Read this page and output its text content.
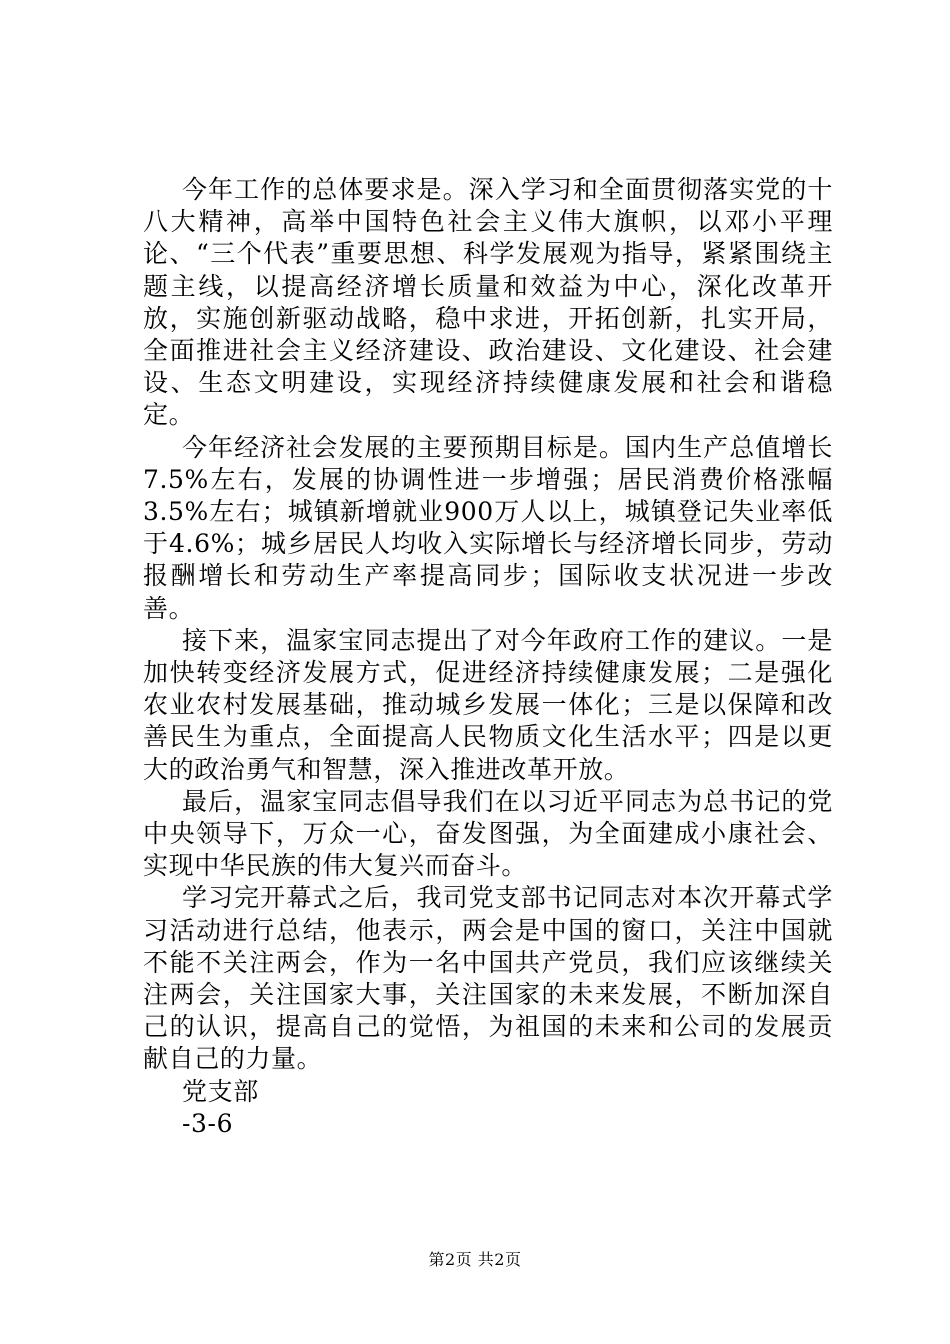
今年工作的总体要求是。深入学习和全面贯彻落实党的十八大精神，高举中国特色社会主义伟大旗帜，以邓小平理论、“三个代表”重要思想、科学发展观为指导，紧紧围绕主题主线，以提高经济增长质量和效益为中心，深化改革开放，实施创新驱动战略，稳中求进，开拓创新，扎实开局，全面推进社会主义经济建设、政治建设、文化建设、社会建设、生态文明建设，实现经济持续健康发展和社会和谐稳定。

今年经济社会发展的主要预期目标是。国内生产总值增长7.5%左右，发展的协调性进一步增强；居民消费价格涨幅3.5%左右；城镇新增就业900万人以上，城镇登记失业率低于4.6%；城乡居民人均收入实际增长与经济增长同步，劳动报酬增长和劳动生产率提高同步；国际收支状况进一步改善。

接下来，温家宝同志提出了对今年政府工作的建议。一是加快转变经济发展方式，促进经济持续健康发展；二是强化农业农村发展基础，推动城乡发展一体化；三是以保障和改善民生为重点，全面提高人民物质文化生活水平；四是以更大的政治勇气和智慧，深入推进改革开放。

最后，温家宝同志倡导我们在以习近平同志为总书记的党中央领导下，万众一心，奋发图强，为全面建成小康社会、实现中华民族的伟大复兴而奋斗。

学习完开幕式之后，我司党支部书记同志对本次开幕式学习活动进行总结，他表示，两会是中国的窗口，关注中国就不能不关注两会，作为一名中国共产党员，我们应该继续关注两会，关注国家大事，关注国家的未来发展，不断加深自己的认识，提高自己的觉悟，为祖国的未来和公司的发展贡献自己的力量。

党支部
-3-6
第2页 共2页
